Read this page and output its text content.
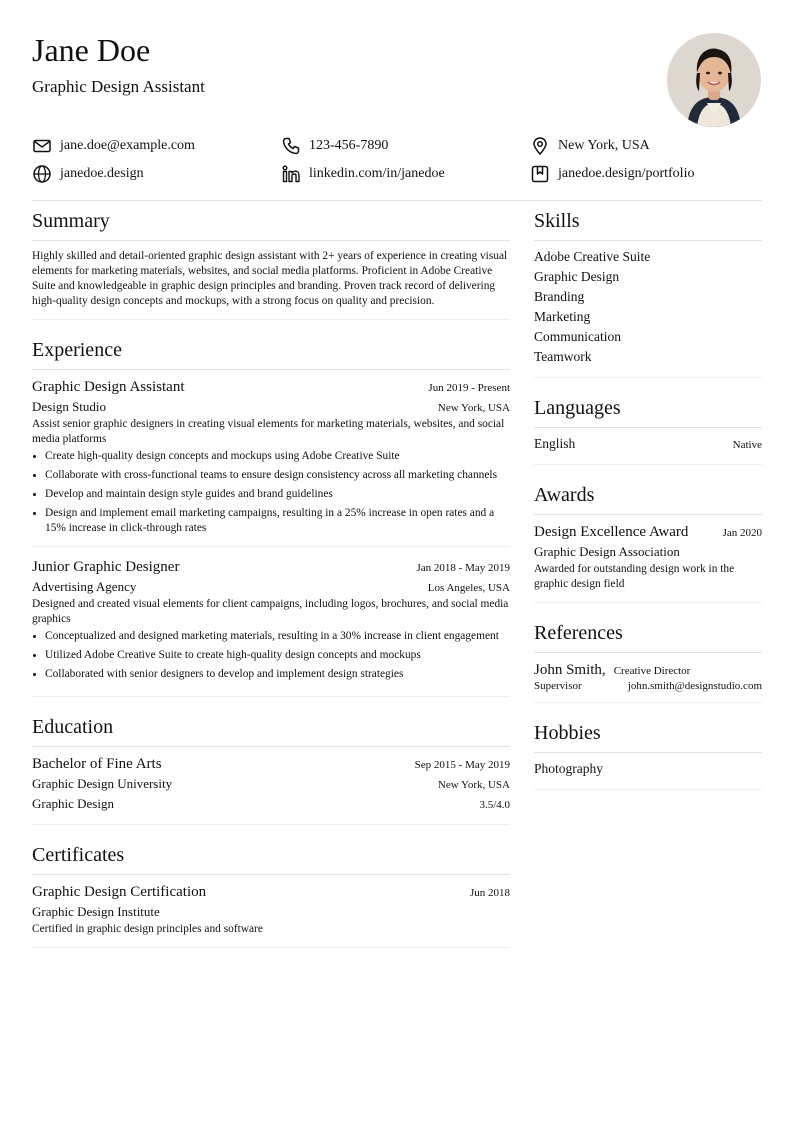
Jane Doe
Graphic Design Assistant
jane.doe@example.com	123-456-7890	New York, USA
janedoe.design	linkedin.com/in/janedoe	janedoe.design/portfolio
Summary
Highly skilled and detail-oriented graphic design assistant with 2+ years of experience in creating visual elements for marketing materials, websites, and social media platforms. Proficient in Adobe Creative Suite and knowledgeable in graphic design principles and branding. Proven track record of delivering high-quality design concepts and mockups, with a strong focus on quality and precision.
Experience
Graphic Design Assistant	Jun 2019 - Present
Design Studio	New York, USA
Assist senior graphic designers in creating visual elements for marketing materials, websites, and social media platforms
• Create high-quality design concepts and mockups using Adobe Creative Suite
• Collaborate with cross-functional teams to ensure design consistency across all marketing channels
• Develop and maintain design style guides and brand guidelines
• Design and implement email marketing campaigns, resulting in a 25% increase in open rates and a 15% increase in click-through rates
Junior Graphic Designer	Jan 2018 - May 2019
Advertising Agency	Los Angeles, USA
Designed and created visual elements for client campaigns, including logos, brochures, and social media graphics
• Conceptualized and designed marketing materials, resulting in a 30% increase in client engagement
• Utilized Adobe Creative Suite to create high-quality design concepts and mockups
• Collaborated with senior designers to develop and implement design strategies
Education
Bachelor of Fine Arts	Sep 2015 - May 2019
Graphic Design University	New York, USA
Graphic Design	3.5/4.0
Certificates
Graphic Design Certification	Jun 2018
Graphic Design Institute
Certified in graphic design principles and software
Skills
Adobe Creative Suite
Graphic Design
Branding
Marketing
Communication
Teamwork
Languages
English	Native
Awards
Design Excellence Award	Jan 2020
Graphic Design Association
Awarded for outstanding design work in the graphic design field
References
John Smith, Creative Director
Supervisor	john.smith@designstudio.com
Hobbies
Photography
